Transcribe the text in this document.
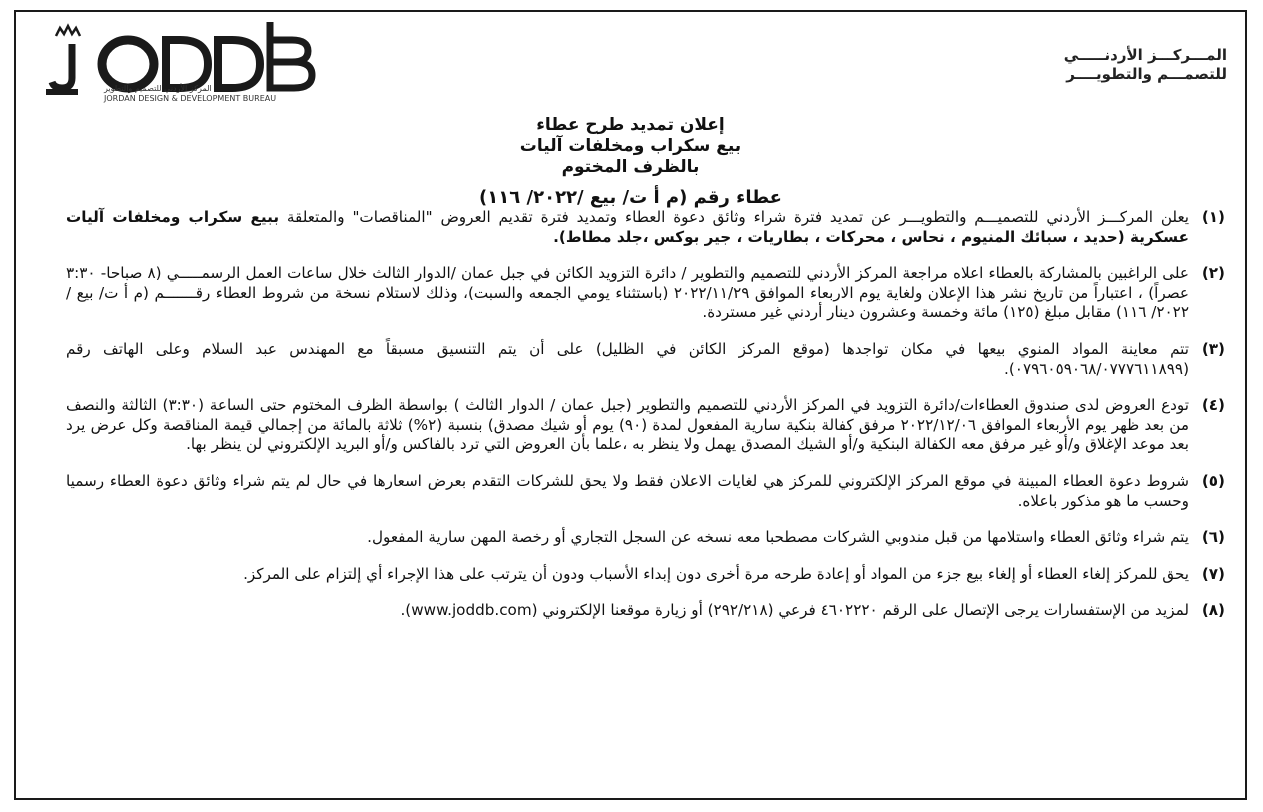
المركز الأردني للتصميم والتطوير
JORDAN DESIGN & DEVELOPMENT BUREAU
المـــركـــز الأردنـــــي
للتصمـــم والتطويــــر
إعلان تمديد طرح عطاء
بيع سكراب ومخلفات آليات
بالظرف المختوم
عطاء رقم (م أ ت/ بيع /٢٠٢٢/ ١١٦)
(١)
يعلن المركـــز الأردني للتصميـــم والتطويـــر عن تمديد فترة شراء وثائق دعوة العطاء وتمديد فترة تقديم العروض "المناقصات" والمتعلقة ببيع سكراب ومخلفات آليات عسكرية (حديد ، سبائك المنيوم ، نحاس ، محركات ، بطاريات ، جير بوكس ،جلد مطاط).
(٢)
على الراغبين بالمشاركة بالعطاء اعلاه مراجعة المركز الأردني للتصميم والتطوير / دائرة التزويد الكائن في جبل عمان /الدوار الثالث خلال ساعات العمل الرسمـــــي (٨ صباحا- ٣:٣٠ عصراً) ، اعتباراً من تاريخ نشر هذا الإعلان ولغاية يوم الاربعاء الموافق ٢٠٢٢/١١/٢٩ (باستثناء يومي الجمعه والسبت)، وذلك لاستلام نسخة من شروط العطاء رقـــــــم (م أ ت/ بيع /٢٠٢٢/ ١١٦) مقابل مبلغ (١٢٥) مائة وخمسة وعشرون دينار أردني غير مستردة.
(٣)
تتم معاينة المواد المنوي بيعها في مكان تواجدها (موقع المركز الكائن في الظليل) على أن يتم التنسيق مسبقاً مع المهندس عبد السلام وعلى الهاتف رقم (٠٧٩٦٠٥٩٠٦٨/٠٧٧٧٦١١٨٩٩).
(٤)
تودع العروض لدى صندوق العطاءات/دائرة التزويد في المركز الأردني للتصميم والتطوير (جبل عمان / الدوار الثالث ) بواسطة الظرف المختوم حتى الساعة (٣:٣٠) الثالثة والنصف من بعد ظهر يوم الأربعاء الموافق ٢٠٢٢/١٢/٠٦ مرفق كفالة بنكية سارية المفعول لمدة (٩٠) يوم أو شيك مصدق) بنسبة (٢%) ثلاثة بالمائة من إجمالي قيمة المناقصة وكل عرض يرد بعد موعد الإغلاق و/أو غير مرفق معه الكفالة البنكية و/أو الشيك المصدق يهمل ولا ينظر به ،علما بأن العروض التي ترد بالفاكس و/أو البريد الإلكتروني لن ينظر بها.
(٥)
شروط دعوة العطاء المبينة في موقع المركز الإلكتروني للمركز هي لغايات الاعلان فقط ولا يحق للشركات التقدم بعرض اسعارها في حال لم يتم شراء وثائق دعوة العطاء رسميا وحسب ما هو مذكور باعلاه.
(٦)
يتم شراء وثائق العطاء واستلامها من قبل مندوبي الشركات مصطحبا معه نسخه عن السجل التجاري أو رخصة المهن سارية المفعول.
(٧)
يحق للمركز إلغاء العطاء أو إلغاء بيع جزء من المواد أو إعادة طرحه مرة أخرى دون إبداء الأسباب ودون أن يترتب على هذا الإجراء أي إلتزام على المركز.
(٨)
لمزيد من الإستفسارات يرجى الإتصال على الرقم ٤٦٠٢٢٢٠ فرعي (٢٩٢/٢١٨) أو زيارة موقعنا الإلكتروني (www.joddb.com).
